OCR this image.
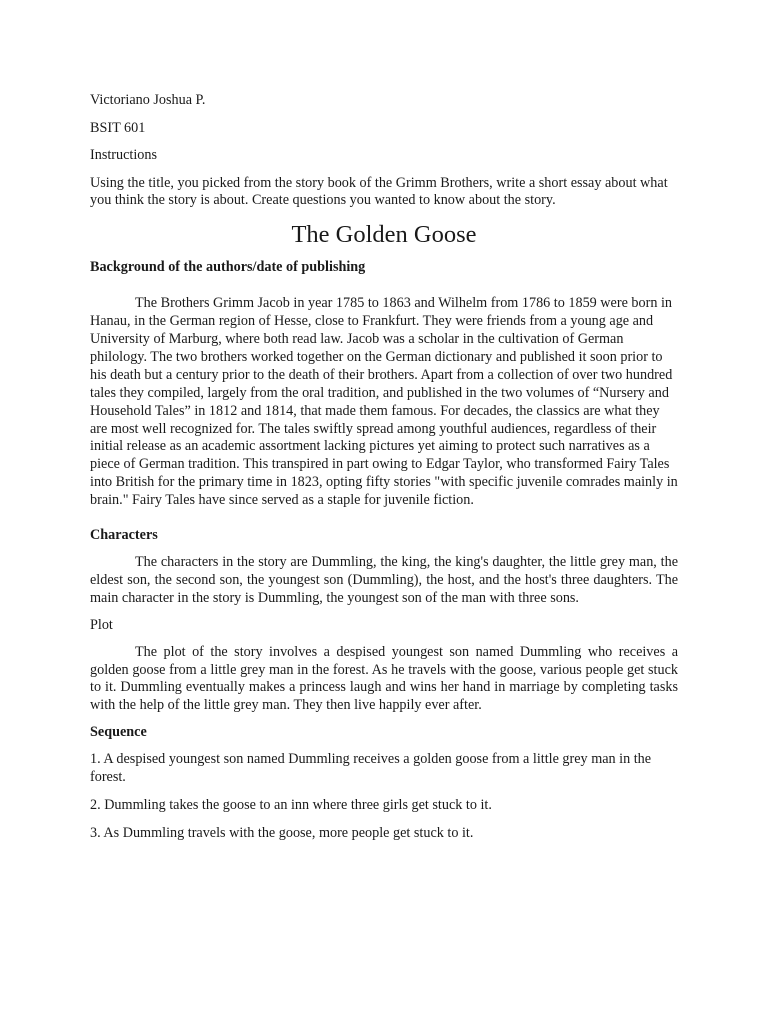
Victoriano Joshua P.

BSIT 601

Instructions

Using the title, you picked from the story book of the Grimm Brothers, write a short essay about what you think the story is about. Create questions you wanted to know about the story.

The Golden Goose

Background of the authors/date of publishing

The Brothers Grimm Jacob in year 1785 to 1863 and Wilhelm from 1786 to 1859 were born in Hanau, in the German region of Hesse, close to Frankfurt. They were friends from a young age and University of Marburg, where both read law. Jacob was a scholar in the cultivation of German philology. The two brothers worked together on the German dictionary and published it soon prior to his death but a century prior to the death of their brothers. Apart from a collection of over two hundred tales they compiled, largely from the oral tradition, and published in the two volumes of “Nursery and Household Tales” in 1812 and 1814, that made them famous. For decades, the classics are what they are most well recognized for. The tales swiftly spread among youthful audiences, regardless of their initial release as an academic assortment lacking pictures yet aiming to protect such narratives as a piece of German tradition. This transpired in part owing to Edgar Taylor, who transformed Fairy Tales into British for the primary time in 1823, opting fifty stories "with specific juvenile comrades mainly in brain." Fairy Tales have since served as a staple for juvenile fiction.

Characters

The characters in the story are Dummling, the king, the king's daughter, the little grey man, the eldest son, the second son, the youngest son (Dummling), the host, and the host's three daughters. The main character in the story is Dummling, the youngest son of the man with three sons.

Plot

The plot of the story involves a despised youngest son named Dummling who receives a golden goose from a little grey man in the forest. As he travels with the goose, various people get stuck to it. Dummling eventually makes a princess laugh and wins her hand in marriage by completing tasks with the help of the little grey man. They then live happily ever after.

Sequence

1. A despised youngest son named Dummling receives a golden goose from a little grey man in the forest.

2. Dummling takes the goose to an inn where three girls get stuck to it.

3. As Dummling travels with the goose, more people get stuck to it.
